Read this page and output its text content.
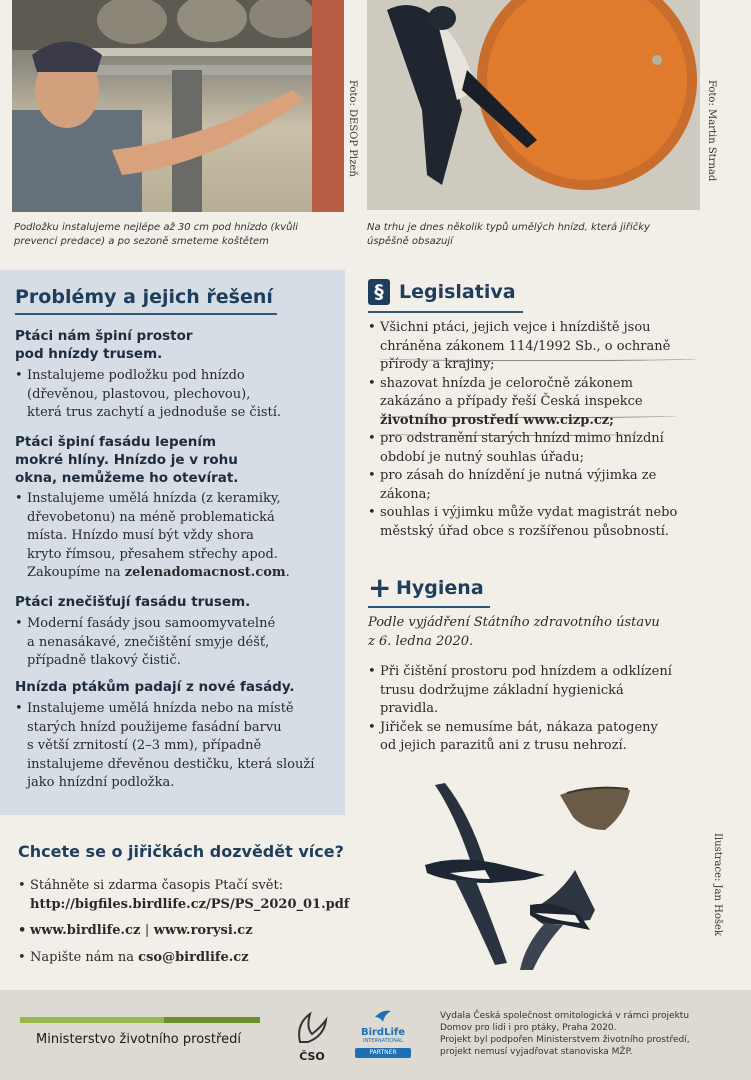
Foto: DESOP Plzeň	Foto: Martin Strnad
Podložku instalujeme nejlépe až 30 cm pod hnízdo (kvůli
prevenci predace) a po sezoně smeteme koštětem
Na trhu je dnes několik typů umělých hnízd, která jiřičky
úspěšně obsazují
Problémy a jejich řešení
Ptáci nám špiní prostor
pod hnízdy trusem.
• Instalujeme podložku pod hnízdo
(dřevěnou, plastovou, plechovou),
která trus zachytí a jednoduše se čistí.
Ptáci špiní fasádu lepením
mokré hlíny. Hnízdo je v rohu
okna, nemůžeme ho otevírat.
• Instalujeme umělá hnízda (z keramiky,
dřevobetonu) na méně problematická
místa. Hnízdo musí být vždy shora
kryto římsou, přesahem střechy apod.
Zakoupíme na zelenadomacnost.com.
Ptáci znečišťují fasádu trusem.
• Moderní fasády jsou samoomyvatelné
a nenasákavé, znečištění smyje déšť,
případně tlakový čistič.
Hnízda ptákům padají z nové fasády.
• Instalujeme umělá hnízda nebo na místě
starých hnízd použijeme fasádní barvu
s větší zrnitostí (2–3 mm), případně
instalujeme dřevěnou destičku, která slouží
jako hnízdní podložka.
§ Legislativa
• Všichni ptáci, jejich vejce i hnízdiště jsou
chráněna zákonem 114/1992 Sb., o ochraně
přírody a krajiny;
• shazovat hnízda je celoročně zákonem
zakázáno a případy řeší Česká inspekce
životního prostředí www.cizp.cz;
• pro odstranění starých hnízd mimo hnízdní
období je nutný souhlas úřadu;
• pro zásah do hnízdění je nutná výjimka ze
zákona;
• souhlas i výjimku může vydat magistrát nebo
městský úřad obce s rozšířenou působností.
+ Hygiena
Podle vyjádření Státního zdravotního ústavu
z 6. ledna 2020.
• Při čištění prostoru pod hnízdem a odklízení
trusu dodržujme základní hygienická
pravidla.
• Jiřiček se nemusíme bát, nákaza patogeny
od jejich parazitů ani z trusu nehrozí.
Chcete se o jiřičkách dozvědět více?
• Stáhněte si zdarma časopis Ptačí svět:
http://bigfiles.birdlife.cz/PS/PS_2020_01.pdf
• www.birdlife.cz | www.rorysi.cz
• Napište nám na cso@birdlife.cz
Ilustrace: Jan Hošek
Ministerstvo životního prostředí
ČSO
BirdLife
INTERNATIONAL
PARTNER
Vydala Česká společnost ornitologická v rámci projektu
Domov pro lidi i pro ptáky, Praha 2020.
Projekt byl podpořen Ministerstvem životního prostředí,
projekt nemusí vyjadřovat stanoviska MŽP.
